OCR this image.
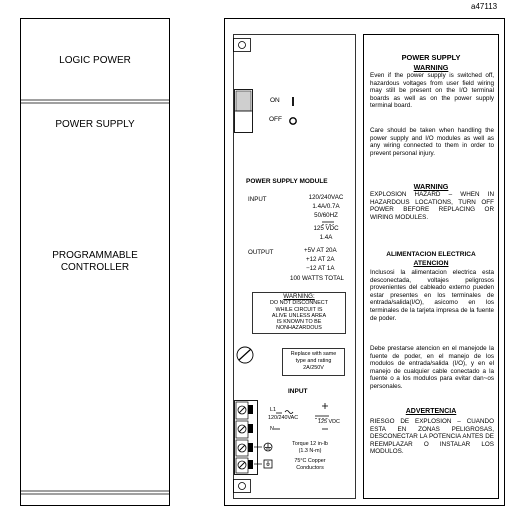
a47113
LOGIC POWER
POWER SUPPLY
PROGRAMMABLE
CONTROLLER
ON
OFF
POWER SUPPLY MODULE
INPUT	120/240VAC
1.4A/0.7A
50/60HZ
125 VDC
1.4A
OUTPUT	+5V AT 20A
+12 AT 2A
−12 AT 1A
100 WATTS TOTAL
WARNING:
DO NOT DISCONNECT
WHILE CIRCUIT IS
ALIVE UNLESS AREA
IS KNOWN TO BE
NONHAZARDOUS
Replace with same
type and rating
2A/250V
INPUT
L1
120/240VAC
N
125 VDC
Torque 12 in-lb
(1.3 N-m)
75°C Copper
Conductors
POWER SUPPLY
WARNING
Even if the power supply is switched off, hazardous voltages from user field wiring may still be present on the I/O terminal boards as well as on the power supply terminal board.
Care should be taken when handling the power supply and I/O modules as well as any wiring connected to them in order to prevent personal injury.
WARNING
EXPLOSION HAZARD – WHEN IN HAZARDOUS LOCATIONS, TURN OFF POWER BEFORE REPLACING OR WIRING MODULES.
ALIMENTACION ELECTRICA
ATENCION
Inclusosi la alimentacion electrica esta desconectada, voltajes peligrosos provenientes del cableado externo pueden estar presentes en los terminales de entrada/salida(I/O), asicomo en los terminales de la tarjeta impresa de la fuente de poder.
Debe prestarse atencion en el manejode la fuente de poder, en el manejo de los modulos de entrada/salida (I/O), y en el manejo de cualquier cable conectado a la fuente o a los modulos para evitar dan~os personales.
ADVERTENCIA
RIESGO DE EXPLOSION – CUANDO ESTA EN ZONAS PELIGROSAS, DESCONECTAR LA POTENCIA ANTES DE REEMPLAZAR O INSTALAR LOS MODULOS.
